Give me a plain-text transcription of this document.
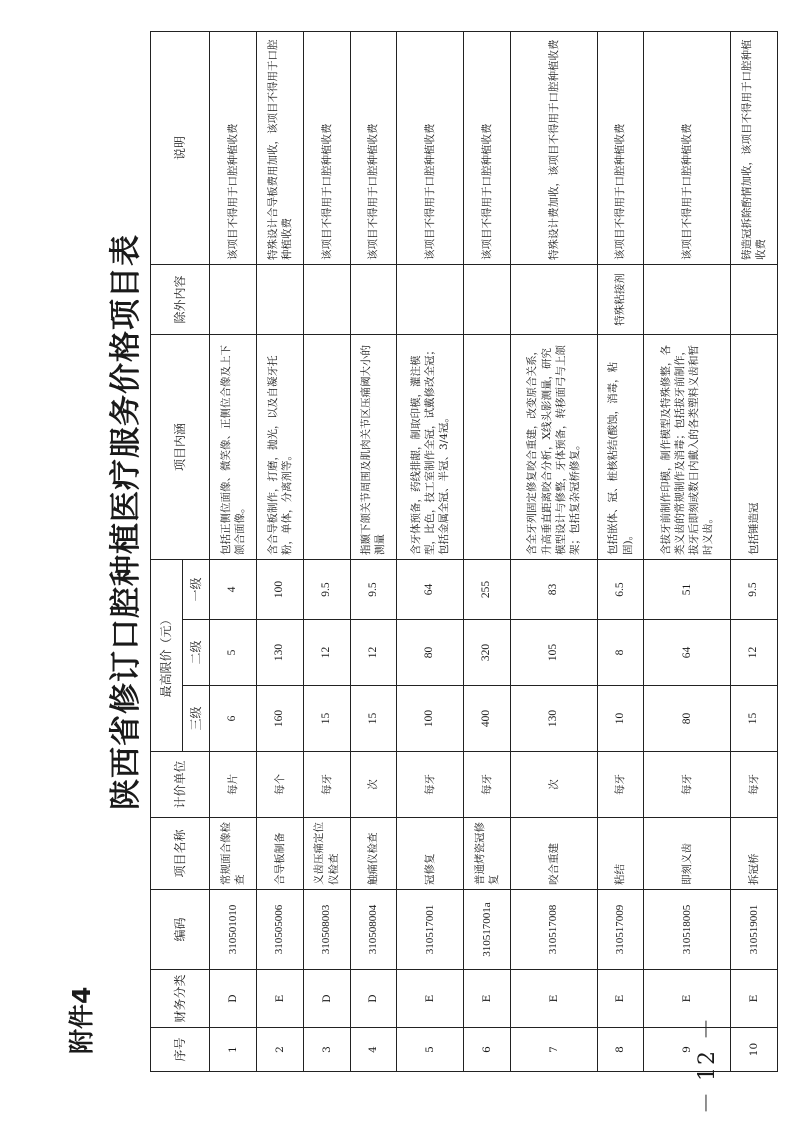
－ 12 －
附件4
陕西省修订口腔种植医疗服务价格项目表
序号	财务分类	编码	项目名称	计价单位	最高限价（元）			项目内涵	除外内容	说明
					三级	二级	一级			
1	D	310501010	常规面合像检查	每片	6	5	4	包括正侧位面像、微笑像、正侧位合像及上下颌合面像。		该项目不得用于口腔种植收费
2	E	310505006	合导板制备	每个	160	130	100	含合导板制作，打磨，抛光，以及自凝牙托粉，单体，分离剂等。		特殊设计合导板费用加收，该项目不得用于口腔种植收费
3	D	310508003	义齿压痛定位仪检查	每牙	15	12	9.5			该项目不得用于口腔种植收费
4	D	310508004	触痛仪检查	次	15	12	9.5	指颞下颌关节周围及肌肉关节区压痛阈大小的测量		该项目不得用于口腔种植收费
5	E	310517001	冠修复	每牙	100	80	64	含牙体预备，药线排龈，制取印模，灌注模型，比色，技工室制作全冠，试戴修改全冠；包括金属全冠、半冠、3/4冠。		该项目不得用于口腔种植收费
6	E	310517001a	普通烤瓷冠修复	每牙	400	320	255			该项目不得用于口腔种植收费
7	E	310517008	咬合重建	次	130	105	83	含全牙列固定修复咬合重建，改变原合关系，升高垂直距离咬合分析，X线头影测量，研究模型设计与修整，牙体预备，转移面弓与上颌架；包括复杂冠桥修复。		特殊设计费加收，该项目不得用于口腔种植收费
8	E	310517009	粘结	每牙	10	8	6.5	包括嵌体、冠、桩核粘结(酸蚀，消毒，粘固)。	特殊粘接剂	该项目不得用于口腔种植收费
9	E	310518005	即刻义齿	每牙	80	64	51	含拔牙前制作印模，制作模型及特殊修整，各类义齿的常规制作及消毒；包括拔牙前制作，拔牙后即刻或数日内戴入的各类塑料义齿和暂时义齿。		该项目不得用于口腔种植收费
10	E	310519001	拆冠桥	每牙	15	12	9.5	包括锤造冠		铸造冠拆除酌情加收，该项目不得用于口腔种植收费
